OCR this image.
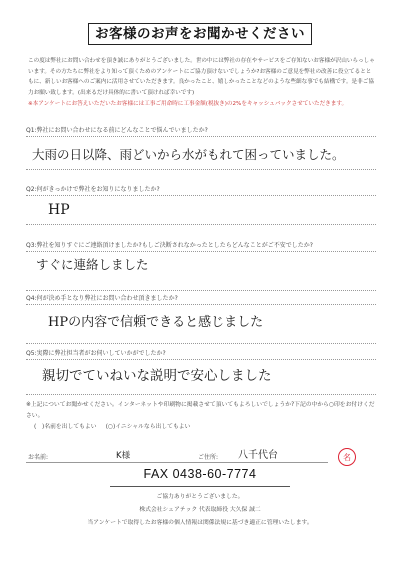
お客様のお声をお聞かせください

この度は弊社にお問い合わせを頂き誠にありがとうございました。世の中には弊社の存在やサービスをご存知ないお客様が沢山いらっしゃいます。その方たちに弊社をより知って頂くためのアンケートにご協力頂けないでしょうか?お客様のご意見を弊社の改善に役立てるとともに、新しいお客様へのご案内に活用させていただきます。良かったこと、嬉しかったことなどのような些細な事でも結構です。是非ご協力お願い致します。(出来るだけ具体的に書いて頂ければ幸いです)

※本アンケートにお答えいただいたお客様には工事ご用命時に工事金額(税抜き)の2%をキャッシュバックさせていただきます。

Q1:弊社にお問い合わせになる前にどんなことで悩んでいましたか?
大雨の日以降、雨どいから水がもれて困っていました。
Q2:何がきっかけで弊社をお知りになりましたか?
HP
Q3:弊社を知りすぐにご連絡頂けましたか?もしご決断されなかったとしたらどんなことがご不安でしたか?
すぐに連絡しました
Q4:何が決め手となり弊社にお問い合わせ頂きましたか?
HPの内容で信頼できると感じました
Q5:実際に弊社担当者がお伺いしていかがでしたか?
親切でていねいな説明で安心しました
※上記についてお聞かせください。インターネットや印刷物に掲載させて頂いてもよろしいでしょうか?下記の中から○印をお付けください。
(　)名前を出してもよい (○)イニシャルなら出してもよい
お名前:	K様	ご住所: 八千代台	名
FAX 0438-60-7774
ご協力ありがとうございました。
株式会社シェアテック 代表取締役 大久保 誠二
当アンケートで取得したお客様の個人情報は関係法規に基づき適正に管理いたします。
